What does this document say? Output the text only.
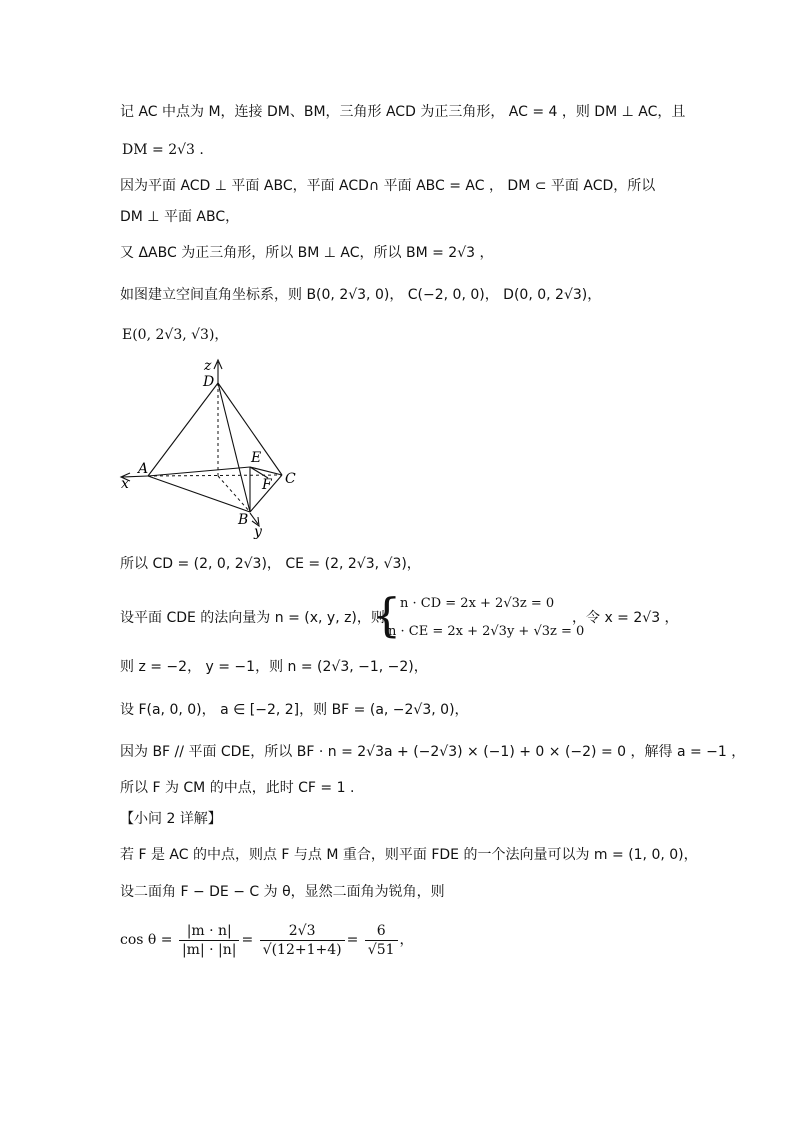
记 AC 中点为 M，连接 DM、BM，三角形 ACD 为正三角形， AC = 4 ，则 DM ⊥ AC，且
DM = 2√3 .
因为平面 ACD ⊥ 平面 ABC，平面 ACD∩ 平面 ABC = AC ， DM ⊂ 平面 ACD，所以
DM ⊥ 平面 ABC，
又 ΔABC 为正三角形，所以 BM ⊥ AC，所以 BM = 2√3 ，
如图建立空间直角坐标系，则 B(0, 2√3, 0)， C(−2, 0, 0)， D(0, 0, 2√3)，
E(0, 2√3, √3)，
z
D
E
A
C
F
x
B
y
所以 CD = (2, 0, 2√3)， CE = (2, 2√3, √3)，
设平面 CDE 的法向量为 n = (x, y, z)，则
{
n · CD = 2x + 2√3z = 0
n · CE = 2x + 2√3y + √3z = 0
，令 x = 2√3 ，
则 z = −2， y = −1，则 n = (2√3, −1, −2)，
设 F(a, 0, 0)， a ∈ [−2, 2]，则 BF = (a, −2√3, 0)，
因为 BF // 平面 CDE，所以 BF · n = 2√3a + (−2√3) × (−1) + 0 × (−2) = 0 ，解得 a = −1 ，
所以 F 为 CM 的中点，此时 CF = 1 .
【小问 2 详解】
若 F 是 AC 的中点，则点 F 与点 M 重合，则平面 FDE 的一个法向量可以为 m = (1, 0, 0)，
设二面角 F − DE − C 为 θ，显然二面角为锐角，则
$\cos \theta = \frac{|m \cdot n|}{|m| \cdot |n|} = \frac{2√3}{√(12+1+4)} = \frac{6}{√51}$ ，
